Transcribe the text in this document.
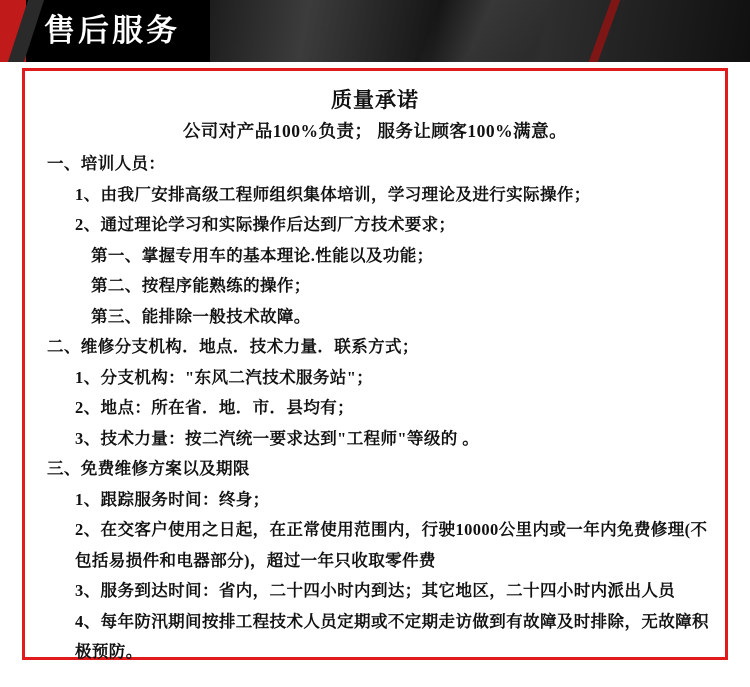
售后服务
质量承诺
公司对产品100%负责； 服务让顾客100%满意。
一、培训人员：
1、由我厂安排高级工程师组织集体培训，学习理论及进行实际操作；
2、通过理论学习和实际操作后达到厂方技术要求；
第一、掌握专用车的基本理论.性能以及功能；
第二、按程序能熟练的操作；
第三、能排除一般技术故障。
二、维修分支机构．地点．技术力量．联系方式；
1、分支机构："东风二汽技术服务站"；
2、地点：所在省．地．市．县均有；
3、技术力量：按二汽统一要求达到"工程师"等级的 。
三、免费维修方案以及期限
1、跟踪服务时间：终身；
2、在交客户使用之日起，在正常使用范围内，行驶10000公里内或一年内免费修理(不包括易损件和电器部分)，超过一年只收取零件费
3、服务到达时间：省内，二十四小时内到达；其它地区，二十四小时内派出人员
4、每年防汛期间按排工程技术人员定期或不定期走访做到有故障及时排除，无故障积极预防。
